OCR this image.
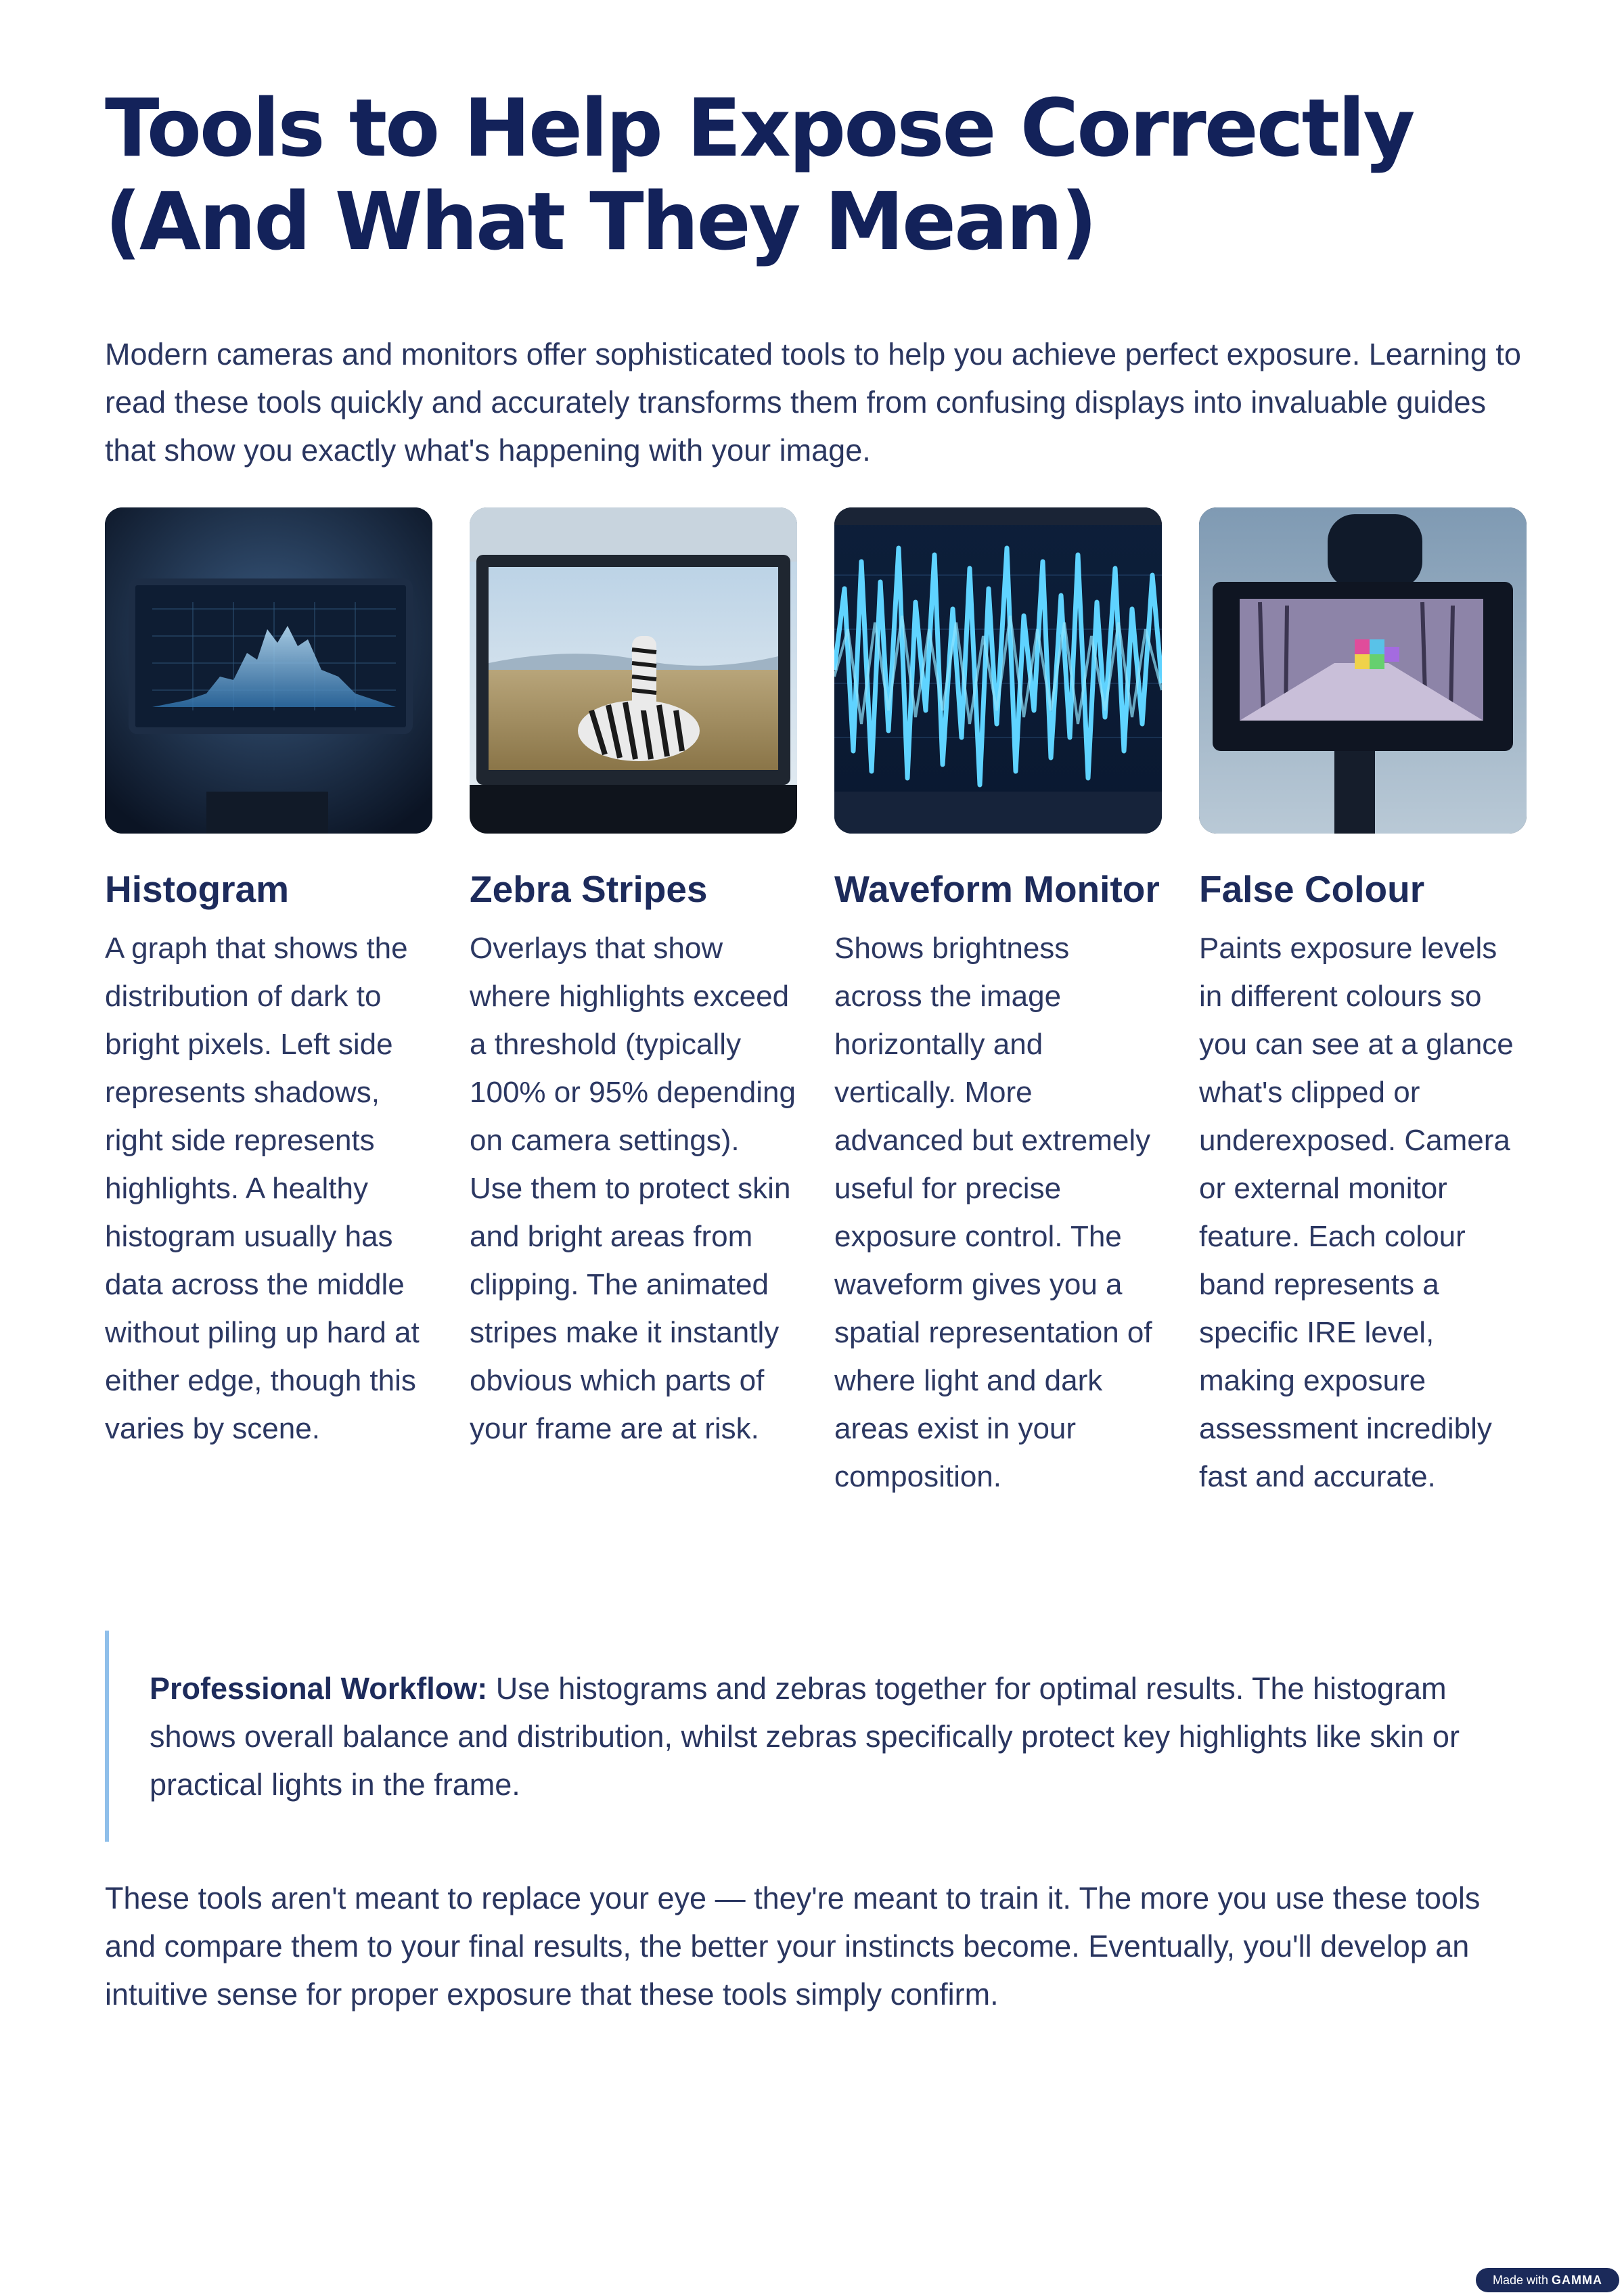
Tools to Help Expose Correctly (And What They Mean)

Modern cameras and monitors offer sophisticated tools to help you achieve perfect exposure. Learning to read these tools quickly and accurately transforms them from confusing displays into invaluable guides that show you exactly what's happening with your image.

Histogram

A graph that shows the distribution of dark to bright pixels. Left side represents shadows, right side represents highlights. A healthy histogram usually has data across the middle without piling up hard at either edge, though this varies by scene.

Zebra Stripes

Overlays that show where highlights exceed a threshold (typically 100% or 95% depending on camera settings). Use them to protect skin and bright areas from clipping. The animated stripes make it instantly obvious which parts of your frame are at risk.

Waveform Monitor

Shows brightness across the image horizontally and vertically. More advanced but extremely useful for precise exposure control. The waveform gives you a spatial representation of where light and dark areas exist in your composition.

False Colour

Paints exposure levels in different colours so you can see at a glance what's clipped or underexposed. Camera or external monitor feature. Each colour band represents a specific IRE level, making exposure assessment incredibly fast and accurate.

Professional Workflow: Use histograms and zebras together for optimal results. The histogram shows overall balance and distribution, whilst zebras specifically protect key highlights like skin or practical lights in the frame.

These tools aren't meant to replace your eye — they're meant to train it. The more you use these tools and compare them to your final results, the better your instincts become. Eventually, you'll develop an intuitive sense for proper exposure that these tools simply confirm.

Made with GAMMA
